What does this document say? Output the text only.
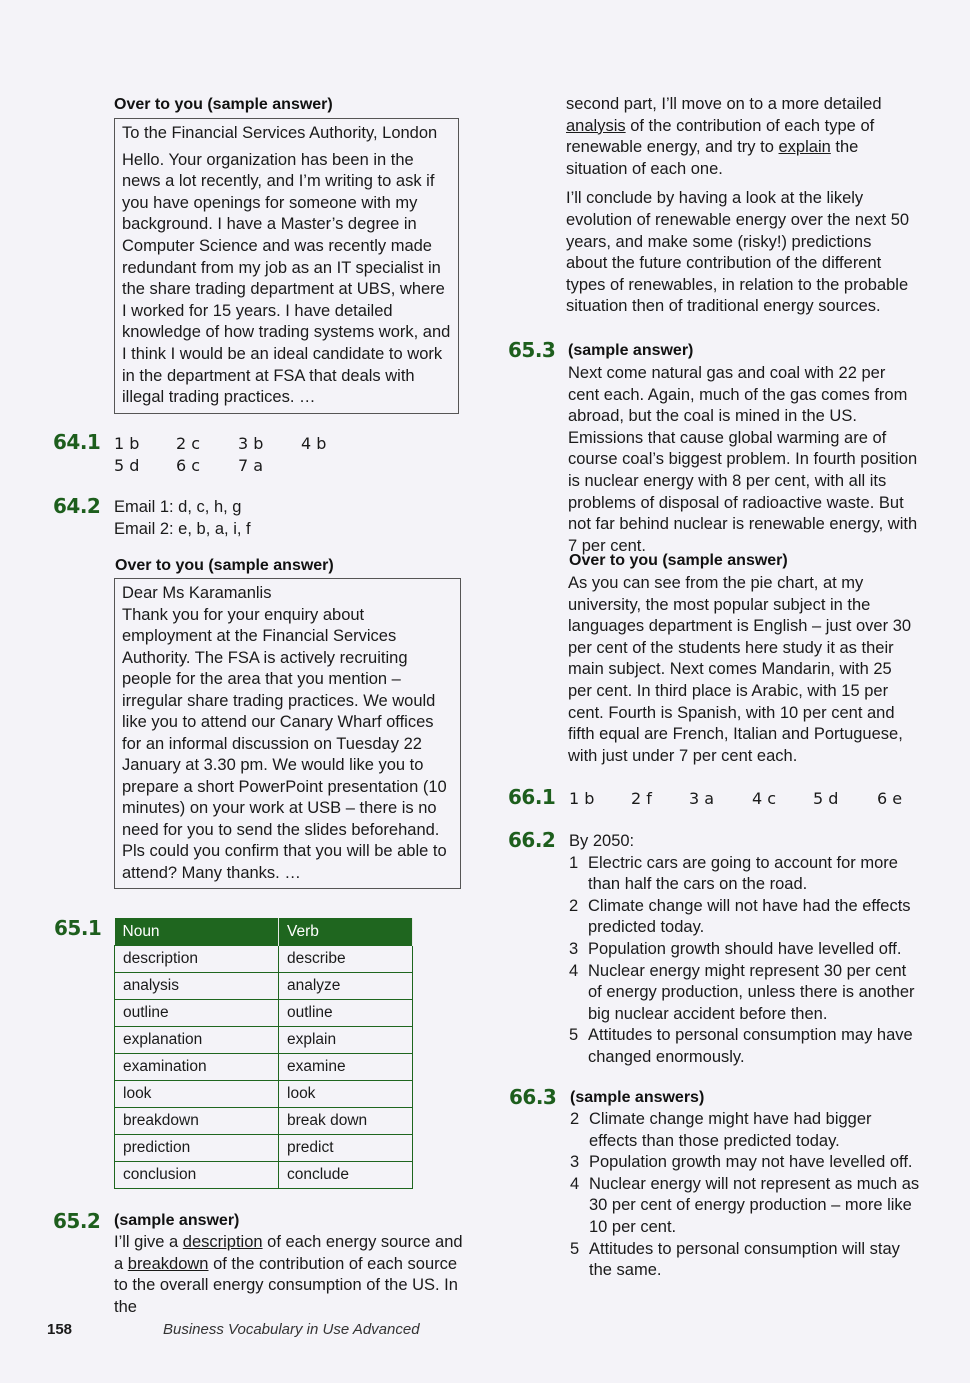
Over to you (sample answer)

To the Financial Services Authority, London

Hello. Your organization has been in the news a lot recently, and I’m writing to ask if you have openings for someone with my background. I have a Master’s degree in Computer Science and was recently made redundant from my job as an IT specialist in the share trading department at UBS, where I worked for 15 years. I have detailed knowledge of how trading systems work, and I think I would be an ideal candidate to work in the department at FSA that deals with illegal trading practices. …

64.1 1 b 2 c 3 b 4 b
5 d 6 c 7 a
64.2 Email 1: d, c, h, g
Email 2: e, b, a, i, f
Over to you (sample answer)

Dear Ms Karamanlis

Thank you for your enquiry about employment at the Financial Services Authority. The FSA is actively recruiting people for the area that you mention – irregular share trading practices. We would like you to attend our Canary Wharf offices for an informal discussion on Tuesday 22 January at 3.30 pm. We would like you to prepare a short PowerPoint presentation (10 minutes) on your work at USB – there is no need for you to send the slides beforehand. Pls could you confirm that you will be able to attend? Many thanks. …

65.1 Noun	Verb
description	describe
analysis	analyze
outline	outline
explanation	explain
examination	examine
look	look
breakdown	break down
prediction	predict
conclusion	conclude
65.2 (sample answer)
I’ll give a description of each energy source and a breakdown of the contribution of each source to the overall energy consumption of the US. In the
second part, I’ll move on to a more detailed analysis of the contribution of each type of renewable energy, and try to explain the situation of each one.
I’ll conclude by having a look at the likely evolution of renewable energy over the next 50 years, and make some (risky!) predictions about the future contribution of the different types of renewables, in relation to the probable situation then of traditional energy sources.
65.3 (sample answer)
Next come natural gas and coal with 22 per cent each. Again, much of the gas comes from abroad, but the coal is mined in the US. Emissions that cause global warming are of course coal’s biggest problem. In fourth position is nuclear energy with 8 per cent, with all its problems of disposal of radioactive waste. But not far behind nuclear is renewable energy, with 7 per cent.
Over to you (sample answer)
As you can see from the pie chart, at my university, the most popular subject in the languages department is English – just over 30 per cent of the students here study it as their main subject. Next comes Mandarin, with 25 per cent. In third place is Arabic, with 15 per cent. Fourth is Spanish, with 10 per cent and fifth equal are French, Italian and Portuguese, with just under 7 per cent each.
66.1 1 b 2 f 3 a 4 c 5 d 6 e
66.2 By 2050:
1 Electric cars are going to account for more than half the cars on the road.
2 Climate change will not have had the effects predicted today.
3 Population growth should have levelled off.
4 Nuclear energy might represent 30 per cent of energy production, unless there is another big nuclear accident before then.
5 Attitudes to personal consumption may have changed enormously.
66.3 (sample answers)
2 Climate change might have had bigger effects than those predicted today.
3 Population growth may not have levelled off.
4 Nuclear energy will not represent as much as 30 per cent of energy production – more like 10 per cent.
5 Attitudes to personal consumption will stay the same.
158	Business Vocabulary in Use Advanced
